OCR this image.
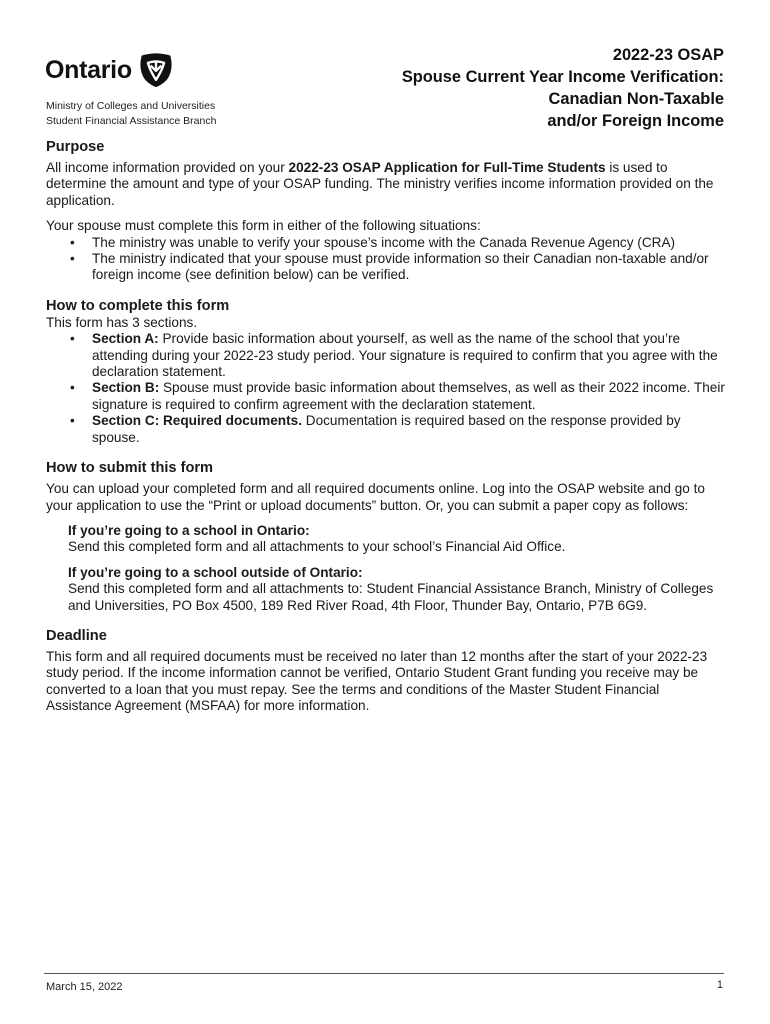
Ontario
Ministry of Colleges and Universities
Student Financial Assistance Branch
2022-23 OSAP
Spouse Current Year Income Verification:
Canadian Non-Taxable
and/or Foreign Income
Purpose

All income information provided on your 2022-23 OSAP Application for Full-Time Students is used to determine the amount and type of your OSAP funding. The ministry verifies income information provided on the application.

Your spouse must complete this form in either of the following situations:

• The ministry was unable to verify your spouse’s income with the Canada Revenue Agency (CRA)
• The ministry indicated that your spouse must provide information so their Canadian non-taxable and/or foreign income (see definition below) can be verified.
How to complete this form

This form has 3 sections.

• Section A: Provide basic information about yourself, as well as the name of the school that you’re attending during your 2022-23 study period. Your signature is required to confirm that you agree with the declaration statement.
• Section B: Spouse must provide basic information about themselves, as well as their 2022 income. Their signature is required to confirm agreement with the declaration statement.
• Section C: Required documents. Documentation is required based on the response provided by spouse.
How to submit this form

You can upload your completed form and all required documents online. Log into the OSAP website and go to your application to use the “Print or upload documents” button. Or, you can submit a paper copy as follows:

If you’re going to a school in Ontario:
Send this completed form and all attachments to your school’s Financial Aid Office.
If you’re going to a school outside of Ontario:
Send this completed form and all attachments to: Student Financial Assistance Branch, Ministry of Colleges and Universities, PO Box 4500, 189 Red River Road, 4th Floor, Thunder Bay, Ontario, P7B 6G9.
Deadline

This form and all required documents must be received no later than 12 months after the start of your 2022-23 study period. If the income information cannot be verified, Ontario Student Grant funding you receive may be converted to a loan that you must repay. See the terms and conditions of the Master Student Financial Assistance Agreement (MSFAA) for more information.

March 15, 2022	1
